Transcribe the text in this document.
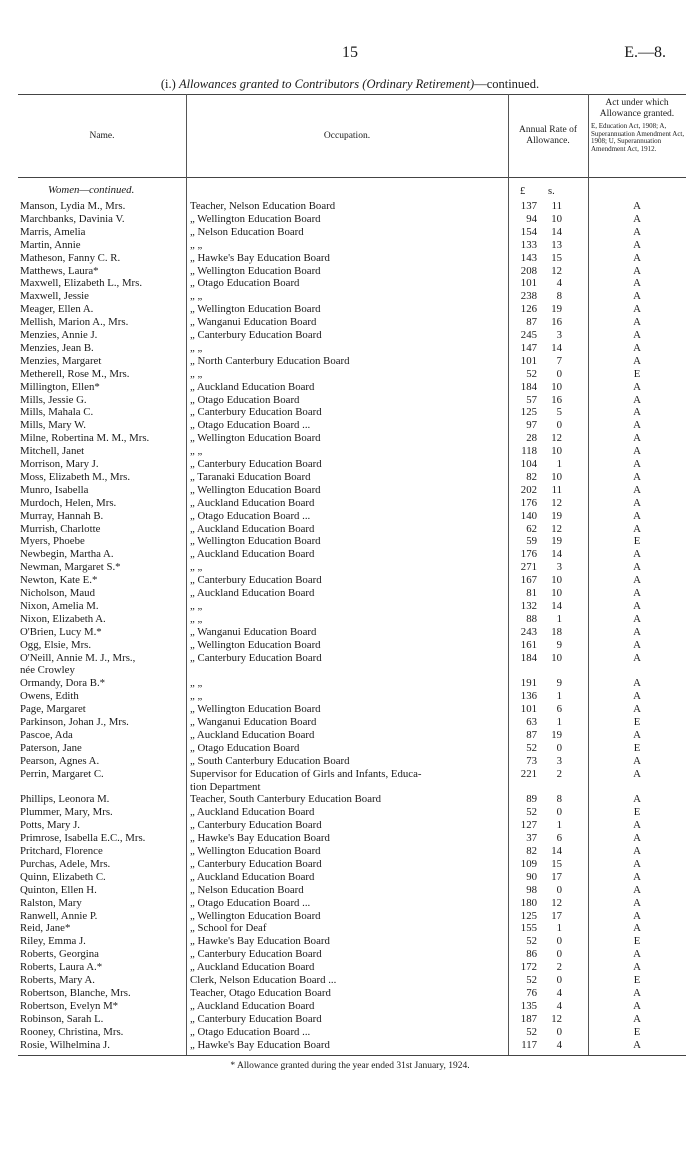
15	E.—8.
(i.) Allowances granted to Contributors (Ordinary Retirement)—continued.
Name.	Occupation.
Annual Rate of Allowance.
Act under which Allowance granted.
E, Education Act, 1908; A, Superannuation Amendment Act, 1908; U, Superannuation Amendment Act, 1912.
Women—continued.	£ s.
Manson, Lydia M., Mrs.	Teacher, Nelson Education Board	137	11	A
Marchbanks, Davinia V.	„ Wellington Education Board	94	10	A
Marris, Amelia	„ Nelson Education Board	154	14	A
Martin, Annie	„ „	133	13	A
Matheson, Fanny C. R.	„ Hawke's Bay Education Board	143	15	A
Matthews, Laura*	„ Wellington Education Board	208	12	A
Maxwell, Elizabeth L., Mrs.	„ Otago Education Board	101	4	A
Maxwell, Jessie	„ „	238	8	A
Meager, Ellen A.	„ Wellington Education Board	126	19	A
Mellish, Marion A., Mrs.	„ Wanganui Education Board	87	16	A
Menzies, Annie J.	„ Canterbury Education Board	245	3	A
Menzies, Jean B.	„ „	147	14	A
Menzies, Margaret	„ North Canterbury Education Board	101	7	A
Metherell, Rose M., Mrs.	„ „	52	0	E
Millington, Ellen*	„ Auckland Education Board	184	10	A
Mills, Jessie G.	„ Otago Education Board	57	16	A
Mills, Mahala C.	„ Canterbury Education Board	125	5	A
Mills, Mary W.	„ Otago Education Board ...	97	0	A
Milne, Robertina M. M., Mrs.	„ Wellington Education Board	28	12	A
Mitchell, Janet	„ „	118	10	A
Morrison, Mary J.	„ Canterbury Education Board	104	1	A
Moss, Elizabeth M., Mrs.	„ Taranaki Education Board	82	10	A
Munro, Isabella	„ Wellington Education Board	202	11	A
Murdoch, Helen, Mrs.	„ Auckland Education Board	176	12	A
Murray, Hannah B.	„ Otago Education Board ...	140	19	A
Murrish, Charlotte	„ Auckland Education Board	62	12	A
Myers, Phoebe	„ Wellington Education Board	59	19	E
Newbegin, Martha A.	„ Auckland Education Board	176	14	A
Newman, Margaret S.*	„ „	271	3	A
Newton, Kate E.*	„ Canterbury Education Board	167	10	A
Nicholson, Maud	„ Auckland Education Board	81	10	A
Nixon, Amelia M.	„ „	132	14	A
Nixon, Elizabeth A.	„ „	88	1	A
O'Brien, Lucy M.*	„ Wanganui Education Board	243	18	A
Ogg, Elsie, Mrs.	„ Wellington Education Board	161	9	A
O'Neill, Annie M. J., Mrs.,	„ Canterbury Education Board	184	10	A
née Crowley
Ormandy, Dora B.*	„ „	191	9	A
Owens, Edith	„ „	136	1	A
Page, Margaret	„ Wellington Education Board	101	6	A
Parkinson, Johan J., Mrs.	„ Wanganui Education Board	63	1	E
Pascoe, Ada	„ Auckland Education Board	87	19	A
Paterson, Jane	„ Otago Education Board	52	0	E
Pearson, Agnes A.	„ South Canterbury Education Board	73	3	A
Perrin, Margaret C.	Supervisor for Education of Girls and Infants, Educa-	221	2	A
tion Department
Phillips, Leonora M.	Teacher, South Canterbury Education Board	89	8	A
Plummer, Mary, Mrs.	„ Auckland Education Board	52	0	E
Potts, Mary J.	„ Canterbury Education Board	127	1	A
Primrose, Isabella E.C., Mrs.	„ Hawke's Bay Education Board	37	6	A
Pritchard, Florence	„ Wellington Education Board	82	14	A
Purchas, Adele, Mrs.	„ Canterbury Education Board	109	15	A
Quinn, Elizabeth C.	„ Auckland Education Board	90	17	A
Quinton, Ellen H.	„ Nelson Education Board	98	0	A
Ralston, Mary	„ Otago Education Board ...	180	12	A
Ranwell, Annie P.	„ Wellington Education Board	125	17	A
Reid, Jane*	„ School for Deaf	155	1	A
Riley, Emma J.	„ Hawke's Bay Education Board	52	0	E
Roberts, Georgina	„ Canterbury Education Board	86	0	A
Roberts, Laura A.*	„ Auckland Education Board	172	2	A
Roberts, Mary A.	Clerk, Nelson Education Board ...	52	0	E
Robertson, Blanche, Mrs.	Teacher, Otago Education Board	76	4	A
Robertson, Evelyn M*	„ Auckland Education Board	135	4	A
Robinson, Sarah L.	„ Canterbury Education Board	187	12	A
Rooney, Christina, Mrs.	„ Otago Education Board ...	52	0	E
Rosie, Wilhelmina J.	„ Hawke's Bay Education Board	117	4	A
* Allowance granted during the year ended 31st January, 1924.
